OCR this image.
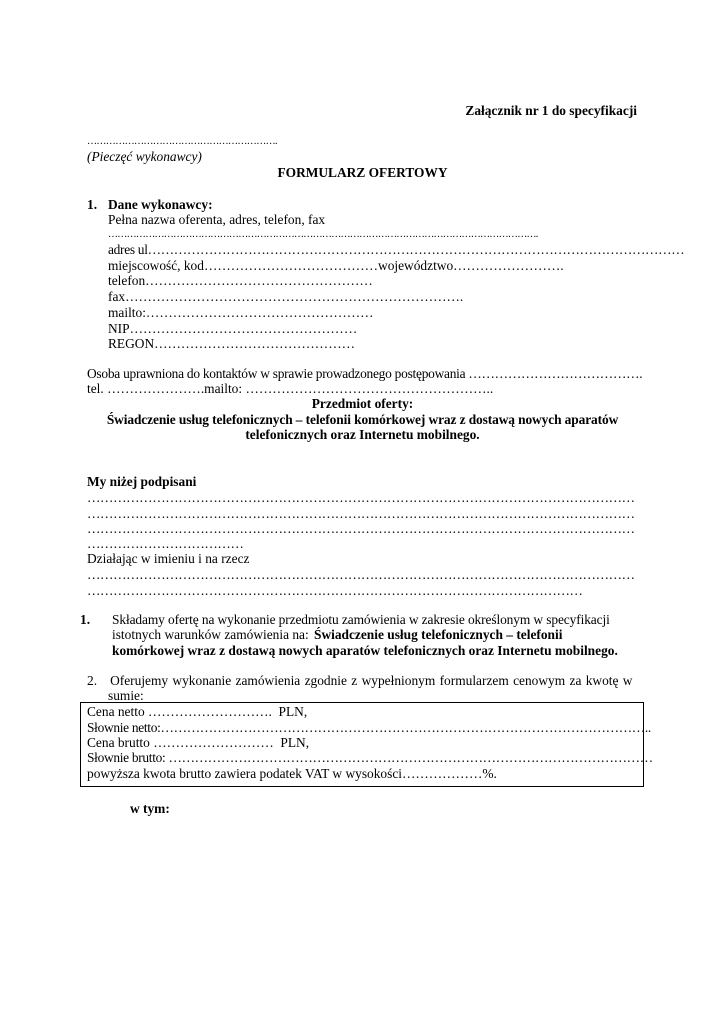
Załącznik nr 1 do specyfikacji
…………………………………………………….
(Pieczęć wykonawcy)
FORMULARZ OFERTOWY
1. Dane wykonawcy:
Pełna nazwa oferenta, adres, telefon, fax
………………………………………………………………………………………………………………………….
adres ul……………………………………………………………………………………………………………
miejscowość, kod…………………………………województwo…………………….
telefon……………………………………………
fax………………………………………………………………….
mailto:……………………………………………
NIP……………………………………………
REGON………………………………………
Osoba uprawniona do kontaktów w sprawie prowadzonego postępowania ………………………………….
tel. ………………….mailto: ………………………………………………..
Przedmiot oferty:
Świadczenie usług telefonicznych – telefonii komórkowej wraz z dostawą nowych aparatów
telefonicznych oraz Internetu mobilnego.
My niżej podpisani
………………………………………………………………………………………………………………
………………………………………………………………………………………………………………
………………………………………………………………………………………………………………
………………………………
Działając w imieniu i na rzecz
………………………………………………………………………………………………………………
……………………………………………………………………………………………………
1. Składamy ofertę na wykonanie przedmiotu zamówienia w zakresie określonym w specyfikacji
istotnych warunków zamówienia na: Świadczenie usług telefonicznych – telefonii
komórkowej wraz z dostawą nowych aparatów telefonicznych oraz Internetu mobilnego.
2.   Oferujemy wykonanie zamówienia zgodnie z wypełnionym formularzem cenowym za kwotę w
sumie:
Cena netto ……………………….  PLN,
Słownie netto:…………………………………………………………………………………………………..
Cena brutto ………………………  PLN,
Słownie brutto: …………………………………………………………………………………………………
powyższa kwota brutto zawiera podatek VAT w wysokości………………%.
w tym:
